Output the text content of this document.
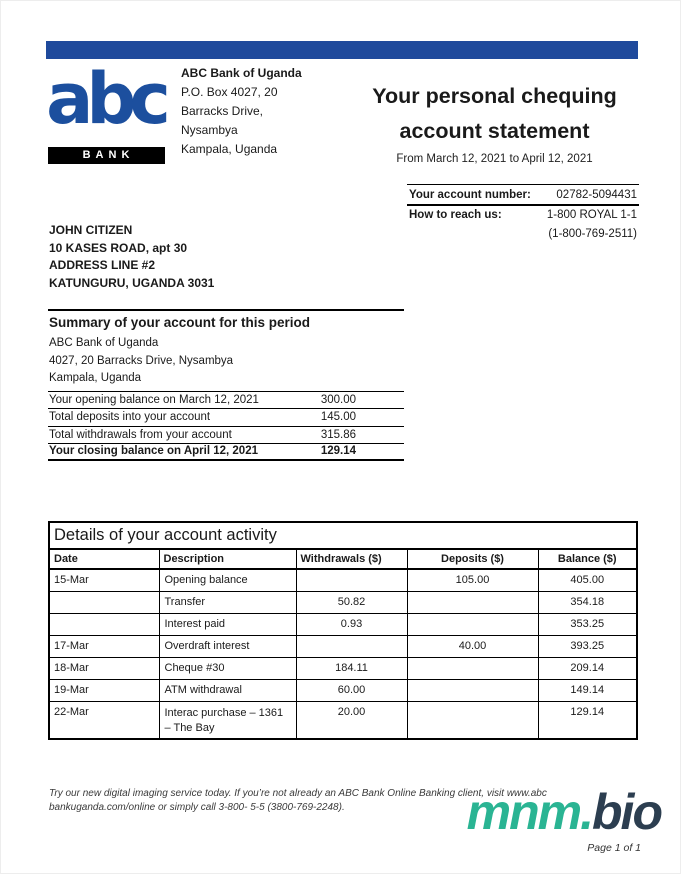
abc
BANK
ABC Bank of Uganda
P.O. Box 4027, 20
Barracks Drive,
Nysambya
Kampala, Uganda
Your personal chequing
account statement
From March 12, 2021 to April 12, 2021
Your account number: 02782-5094431
How to reach us:	1-800 ROYAL 1-1
(1-800-769-2511)
JOHN CITIZEN
10 KASES ROAD, apt 30
ADDRESS LINE #2
KATUNGURU, UGANDA 3031
Summary of your account for this period
ABC Bank of Uganda
4027, 20 Barracks Drive, Nysambya
Kampala, Uganda
Your opening balance on March 12, 2021	300.00
Total deposits into your account	145.00
Total withdrawals from your account	315.86
Your closing balance on April 12, 2021	129.14
Details of your account activity				
Date	Description	Withdrawals ($)	Deposits ($)	Balance ($)
15-Mar	Opening balance		105.00	405.00
	Transfer	50.82		354.18
	Interest paid	0.93		353.25
17-Mar	Overdraft interest		40.00	393.25
18-Mar	Cheque #30	184.11		209.14
19-Mar	ATM withdrawal	60.00		149.14
22-Mar	Interac purchase – 1361 – The Bay	20.00		129.14
Try our new digital imaging service today. If you’re not already an ABC Bank Online Banking client, visit www.abc
bankuganda.com/online or simply call 3-800- 5-5 (3800-769-2248).	mnm.bio
Page 1 of 1
